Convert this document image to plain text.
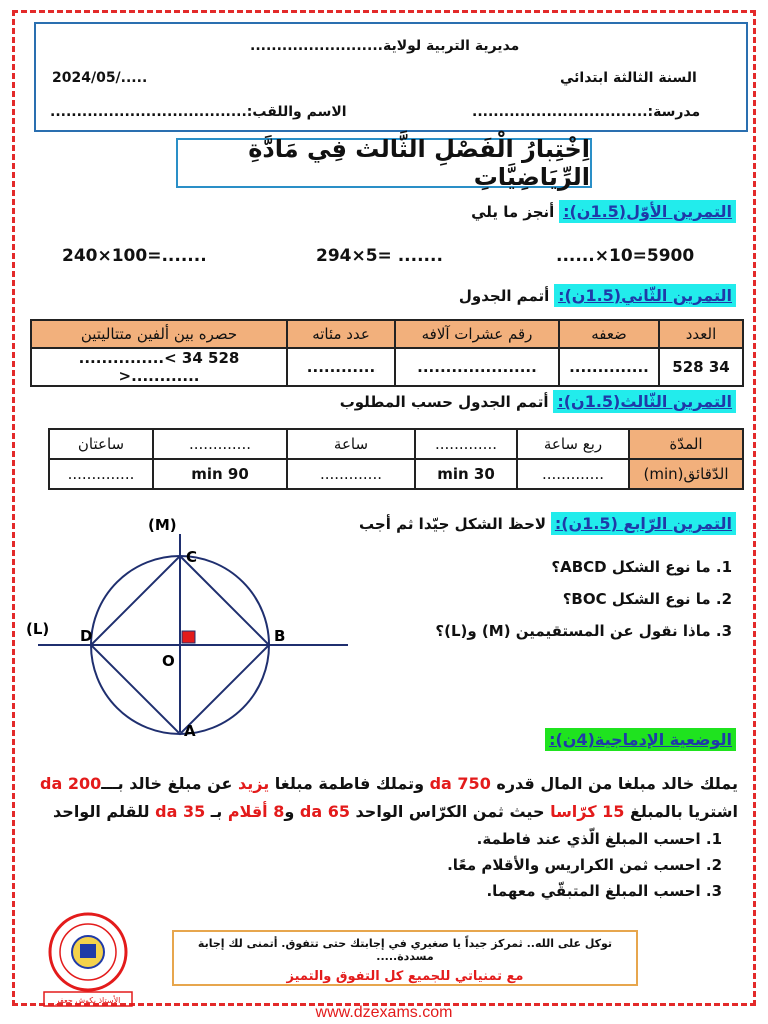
مديرية التربية لولاية.........................
2024/05/.....	السنة الثالثة ابتدائي
الاسم واللقب:.....................................	مدرسة:.................................
اِخْتِبارُ الْفَصْلِ الثَّالث فِي مَادَّةِ الرِّيَاضِيَّاتِ
التمرين الأوّل(1.5ن): أنجز ما يلي
240×100=.......	294×5= .......	......×10=5900
التمرين الثّاني(1.5ن): أتمم الجدول
العدد	ضعفه	رقم عشرات آلافه	عدد مئاته	حصره بين ألفين متتاليتين
34 528	..............	.....................	............	...............< 34 528 >............
التمرين الثّالث(1.5ن): أتمم الجدول حسب المطلوب
المدّة	ربع ساعة	.............	ساعة	.............	ساعتان
الدّقائق(min)	.............	30 min	.............	90 min	..............
التمرين الرّابع (1.5ن): لاحظ الشكل جيّدا ثم أجب
1. ما نوع الشكل ABCD؟
2. ما نوع الشكل BOC؟
3. ماذا نقول عن المستقيمين (M) و(L)؟
(M)
(L)
C
D	B
O
A	الوضعية الإدماجية(4ن):
يملك خالد مبلغا من المال قدره 750 da وتملك فاطمة مبلغا يزيد عن مبلغ خالد بـــ200 da
اشتريا بالمبلغ 15 كرّاسا حيث ثمن الكرّاس الواحد 65 da و8 أقلام بـ 35 da للقلم الواحد
1. احسب المبلغ الّذي عند فاطمة.
2. احسب ثمن الكراريس والأقلام معًا.
3. احسب المبلغ المتبقّي معهما.
الأستاذ بكوش جعفر
توكل على الله.. ثمركز جيداً يا صغيري في إجابتك حتى تتفوق. أتمنى لك إجابة مسددة.....
مع تمنياتي للجميع كل التفوق والتميز
www.dzexams.com
